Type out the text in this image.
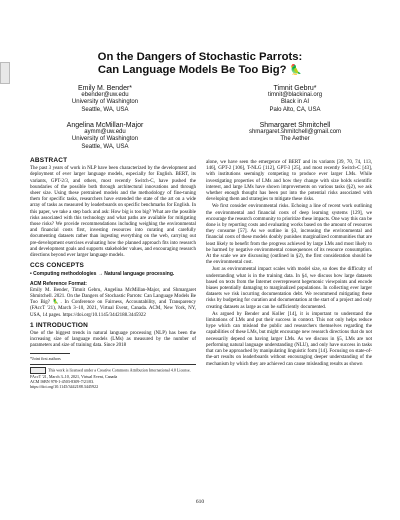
On the Dangers of Stochastic Parrots:
Can Language Models Be Too Big? 🦜
Emily M. Bender*
ebender@uw.edu
University of Washington
Seattle, WA, USA
Timnit Gebru*
timnit@blackinai.org
Black in AI
Palo Alto, CA, USA
Angelina McMillan-Major
aymm@uw.edu
University of Washington
Seattle, WA, USA
Shmargaret Shmitchell
shmargaret.shmitchell@gmail.com
The Aether
ABSTRACT

The past 3 years of work in NLP have been characterized by the development and deployment of ever larger language models, especially for English. BERT, its variants, GPT-2/3, and others, most recently Switch-C, have pushed the boundaries of the possible both through architectural innovations and through sheer size. Using these pretrained models and the methodology of fine-tuning them for specific tasks, researchers have extended the state of the art on a wide array of tasks as measured by leaderboards on specific benchmarks for English. In this paper, we take a step back and ask: How big is too big? What are the possible risks associated with this technology and what paths are available for mitigating those risks? We provide recommendations including weighing the environmental and financial costs first, investing resources into curating and carefully documenting datasets rather than ingesting everything on the web, carrying out pre-development exercises evaluating how the planned approach fits into research and development goals and supports stakeholder values, and encouraging research directions beyond ever larger language models.

CCS CONCEPTS

• Computing methodologies → Natural language processing.

ACM Reference Format:

Emily M. Bender, Timnit Gebru, Angelina McMillan-Major, and Shmargaret Shmitchell. 2021. On the Dangers of Stochastic Parrots: Can Language Models Be Too Big? 🦜. In Conference on Fairness, Accountability, and Transparency (FAccT '21), March 3–10, 2021, Virtual Event, Canada. ACM, New York, NY, USA, 14 pages. https://doi.org/10.1145/3442188.3445922

1 INTRODUCTION

One of the biggest trends in natural language processing (NLP) has been the increasing size of language models (LMs) as measured by the number of parameters and size of training data. Since 2018

*Joint first authors
This work is licensed under a Creative Commons Attribution International 4.0 License.
FAccT '21, March 3–10, 2021, Virtual Event, Canada
ACM ISBN 978-1-4503-8309-7/21/03.
https://doi.org/10.1145/3442188.3445922

alone, we have seen the emergence of BERT and its variants [39, 70, 74, 113, 146], GPT-2 [106], T-NLG [112], GPT-3 [25], and most recently Switch-C [43], with institutions seemingly competing to produce ever larger LMs. While investigating properties of LMs and how they change with size holds scientific interest, and large LMs have shown improvements on various tasks (§2), we ask whether enough thought has been put into the potential risks associated with developing them and strategies to mitigate these risks.

We first consider environmental risks. Echoing a line of recent work outlining the environmental and financial costs of deep learning systems [129], we encourage the research community to prioritize these impacts. One way this can be done is by reporting costs and evaluating works based on the amount of resources they consume [57]. As we outline in §3, increasing the environmental and financial costs of these models doubly punishes marginalized communities that are least likely to benefit from the progress achieved by large LMs and most likely to be harmed by negative environmental consequences of its resource consumption. At the scale we are discussing (outlined in §2), the first consideration should be the environmental cost.

Just as environmental impact scales with model size, so does the difficulty of understanding what is in the training data. In §4, we discuss how large datasets based on texts from the Internet overrepresent hegemonic viewpoints and encode biases potentially damaging to marginalized populations. In collecting ever larger datasets we risk incurring documentation debt. We recommend mitigating these risks by budgeting for curation and documentation at the start of a project and only creating datasets as large as can be sufficiently documented.

As argued by Bender and Koller [14], it is important to understand the limitations of LMs and put their success in context. This not only helps reduce hype which can mislead the public and researchers themselves regarding the capabilities of these LMs, but might encourage new research directions that do not necessarily depend on having larger LMs. As we discuss in §5, LMs are not performing natural language understanding (NLU), and only have success in tasks that can be approached by manipulating linguistic form [14]. Focusing on state-of-the-art results on leaderboards without encouraging deeper understanding of the mechanism by which they are achieved can cause misleading results as shown

610
